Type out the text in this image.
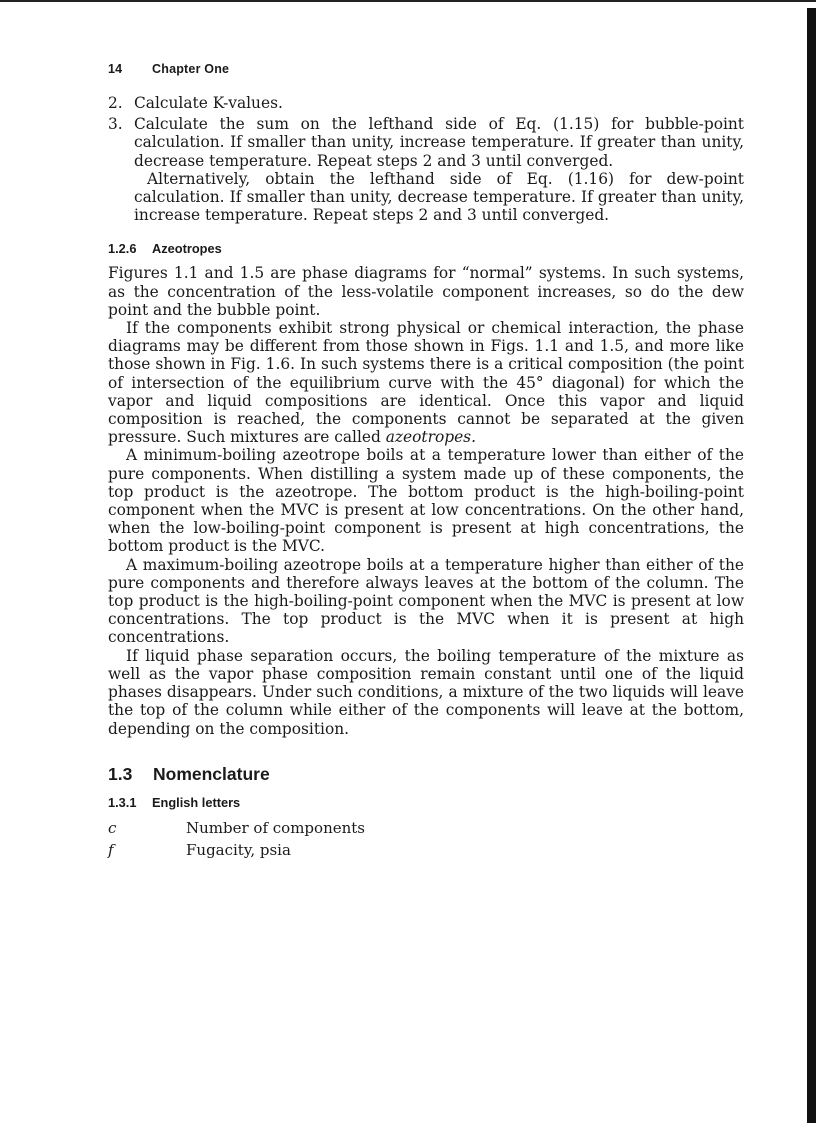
14 Chapter One
2. Calculate K-values.
3. Calculate the sum on the lefthand side of Eq. (1.15) for bubble-point calculation. If smaller than unity, increase temperature. If greater than unity, decrease temperature. Repeat steps 2 and 3 until converged.

Alternatively, obtain the lefthand side of Eq. (1.16) for dew-point calculation. If smaller than unity, decrease temperature. If greater than unity, increase temperature. Repeat steps 2 and 3 until converged.

1.2.6 Azeotropes

Figures 1.1 and 1.5 are phase diagrams for “normal” systems. In such systems, as the concentration of the less-volatile component increases, so do the dew point and the bubble point.

If the components exhibit strong physical or chemical interaction, the phase diagrams may be different from those shown in Figs. 1.1 and 1.5, and more like those shown in Fig. 1.6. In such systems there is a critical composition (the point of intersection of the equilibrium curve with the 45° diagonal) for which the vapor and liquid compositions are identical. Once this vapor and liquid composition is reached, the components cannot be separated at the given pressure. Such mixtures are called azeotropes.

A minimum-boiling azeotrope boils at a temperature lower than either of the pure components. When distilling a system made up of these components, the top product is the azeotrope. The bottom product is the high-boiling-point component when the MVC is present at low concentrations. On the other hand, when the low-boiling-point component is present at high concentrations, the bottom product is the MVC.

A maximum-boiling azeotrope boils at a temperature higher than either of the pure components and therefore always leaves at the bottom of the column. The top product is the high-boiling-point component when the MVC is present at low concentrations. The top product is the MVC when it is present at high concentrations.

If liquid phase separation occurs, the boiling temperature of the mixture as well as the vapor phase composition remain constant until one of the liquid phases disappears. Under such conditions, a mixture of the two liquids will leave the top of the column while either of the components will leave at the bottom, depending on the composition.

1.3 Nomenclature
1.3.1 English letters
c	Number of components
f	Fugacity, psia
